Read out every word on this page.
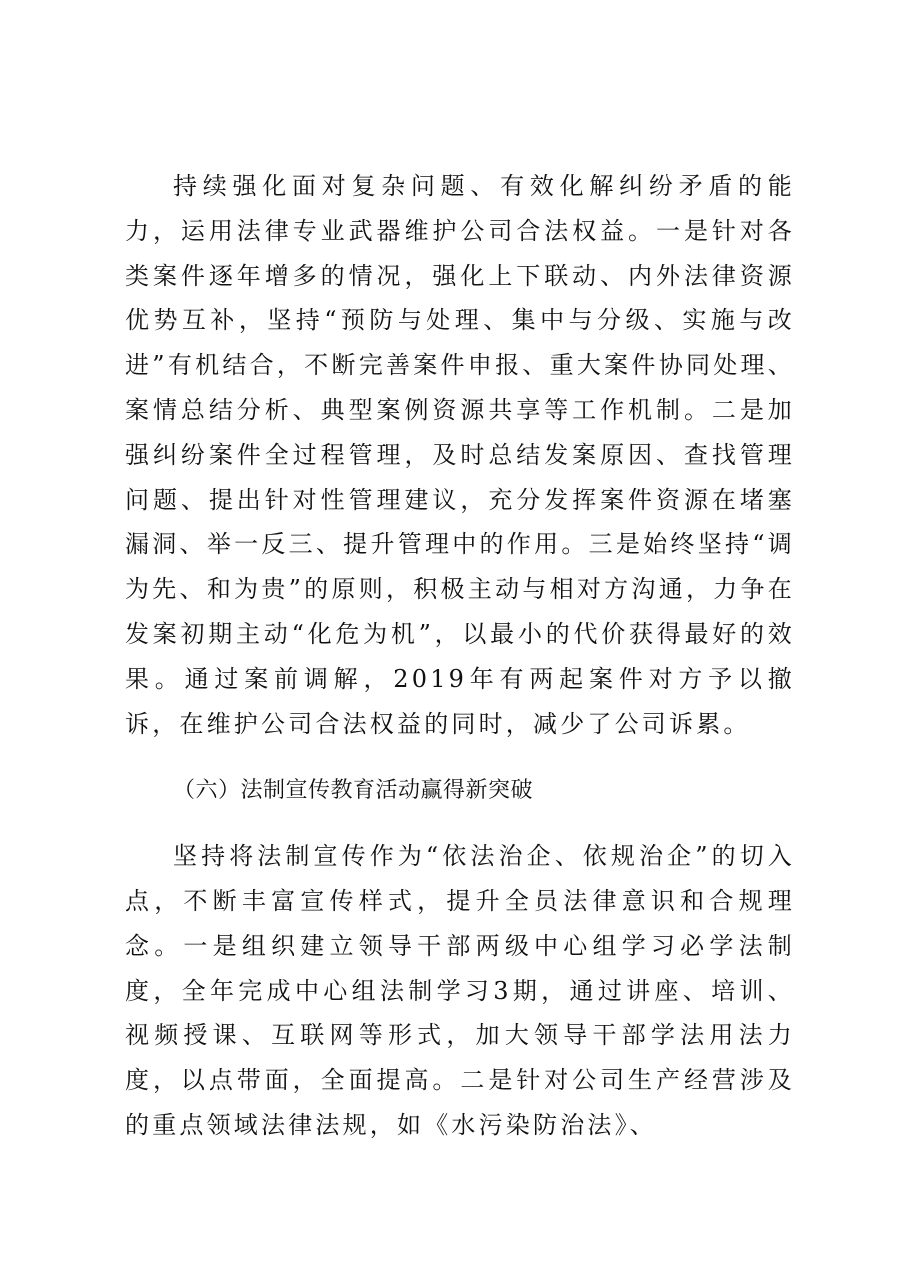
持续强化面对复杂问题、有效化解纠纷矛盾的能力，运用法律专业武器维护公司合法权益。一是针对各类案件逐年增多的情况，强化上下联动、内外法律资源优势互补，坚持“预防与处理、集中与分级、实施与改进”有机结合，不断完善案件申报、重大案件协同处理、案情总结分析、典型案例资源共享等工作机制。二是加强纠纷案件全过程管理，及时总结发案原因、查找管理问题、提出针对性管理建议，充分发挥案件资源在堵塞漏洞、举一反三、提升管理中的作用。三是始终坚持“调为先、和为贵”的原则，积极主动与相对方沟通，力争在发案初期主动“化危为机”，以最小的代价获得最好的效果。通过案前调解，2019年有两起案件对方予以撤诉，在维护公司合法权益的同时，减少了公司诉累。

（六）法制宣传教育活动赢得新突破

坚持将法制宣传作为“依法治企、依规治企”的切入点，不断丰富宣传样式，提升全员法律意识和合规理念。一是组织建立领导干部两级中心组学习必学法制度，全年完成中心组法制学习3期，通过讲座、培训、视频授课、互联网等形式，加大领导干部学法用法力度，以点带面，全面提高。二是针对公司生产经营涉及的重点领域法律法规，如《水污染防治法》、
